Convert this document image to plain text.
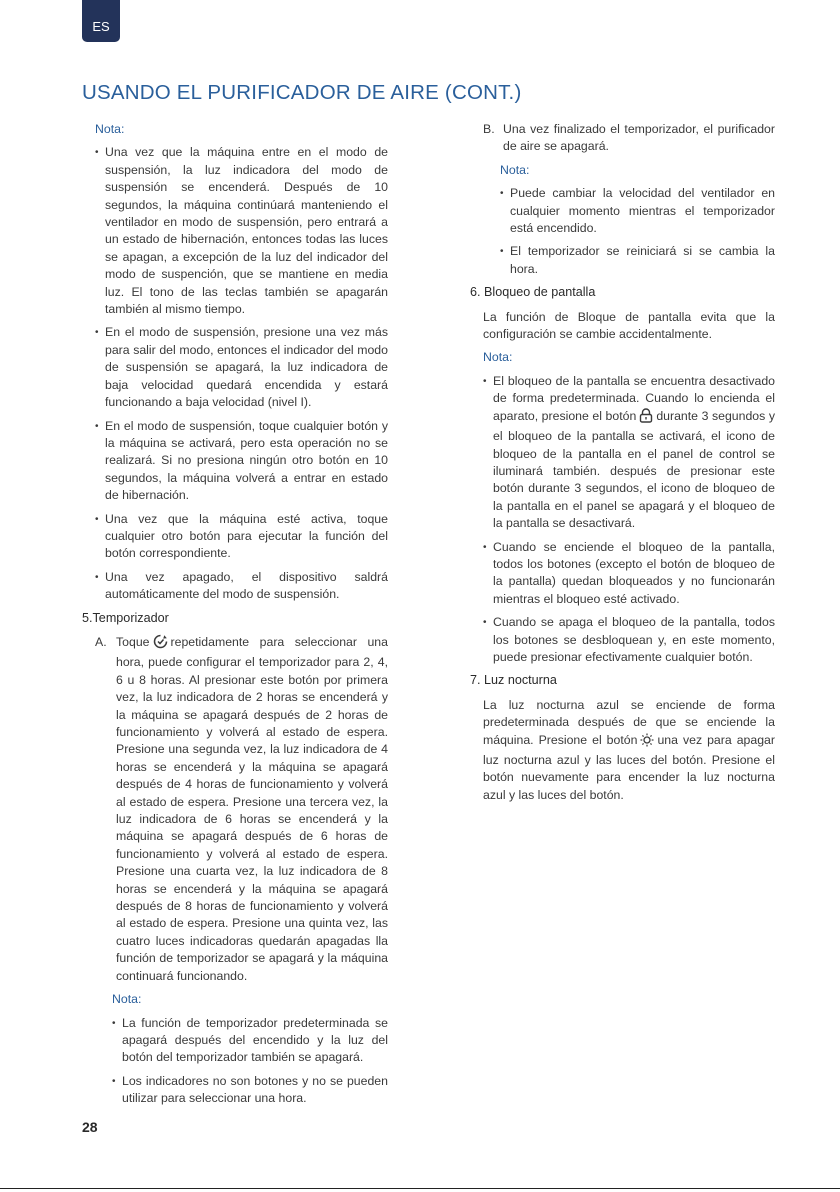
ES
USANDO EL PURIFICADOR DE AIRE (CONT.)

Nota:

• Una vez que la máquina entre en el modo de suspensión, la luz indicadora del modo de suspensión se encenderá. Después de 10 segundos, la máquina continúará manteniendo el ventilador en modo de suspensión, pero entrará a un estado de hibernación, entonces todas las luces se apagan, a excepción de la luz del indicador del modo de suspención, que se mantiene en media luz. El tono de las teclas también se apagarán también al mismo tiempo.

• En el modo de suspensión, presione una vez más para salir del modo, entonces el indicador del modo de suspensión se apagará, la luz indicadora de baja velocidad quedará encendida y estará funcionando a baja velocidad (nivel I).

• En el modo de suspensión, toque cualquier botón y la máquina se activará, pero esta operación no se realizará. Si no presiona ningún otro botón en 10 segundos, la máquina volverá a entrar en estado de hibernación.

• Una vez que la máquina esté activa, toque cualquier otro botón para ejecutar la función del botón correspondiente.

• Una vez apagado, el dispositivo saldrá automáticamente del modo de suspensión.

5.Temporizador
A. Toque repetidamente para seleccionar una hora, puede configurar el temporizador para 2, 4, 6 u 8 horas. Al presionar este botón por primera vez, la luz indicadora de 2 horas se encenderá y la máquina se apagará después de 2 horas de funcionamiento y volverá al estado de espera. Presione una segunda vez, la luz indicadora de 4 horas se encenderá y la máquina se apagará después de 4 horas de funcionamiento y volverá al estado de espera. Presione una tercera vez, la luz indicadora de 6 horas se encenderá y la máquina se apagará después de 6 horas de funcionamiento y volverá al estado de espera. Presione una cuarta vez, la luz indicadora de 8 horas se encenderá y la máquina se apagará después de 8 horas de funcionamiento y volverá al estado de espera. Presione una quinta vez, las cuatro luces indicadoras quedarán apagadas lla función de temporizador se apagará y la máquina continuará funcionando.

Nota:

• La función de temporizador predeterminada se apagará después del encendido y la luz del botón del temporizador también se apagará.

• Los indicadores no son botones y no se pueden utilizar para seleccionar una hora.

B. Una vez finalizado el temporizador, el purificador de aire se apagará.

Nota:

• Puede cambiar la velocidad del ventilador en cualquier momento mientras el temporizador está encendido.

• El temporizador se reiniciará si se cambia la hora.

6. Bloqueo de pantalla

La función de Bloque de pantalla evita que la configuración se cambie accidentalmente.

Nota:

• El bloqueo de la pantalla se encuentra desactivado de forma predeterminada. Cuando lo encienda el aparato, presione el botón durante 3 segundos y el bloqueo de la pantalla se activará, el icono de bloqueo de la pantalla en el panel de control se iluminará también. después de presionar este botón durante 3 segundos, el icono de bloqueo de la pantalla en el panel se apagará y el bloqueo de la pantalla se desactivará.

• Cuando se enciende el bloqueo de la pantalla, todos los botones (excepto el botón de bloqueo de la pantalla) quedan bloqueados y no funcionarán mientras el bloqueo esté activado.

• Cuando se apaga el bloqueo de la pantalla, todos los botones se desbloquean y, en este momento, puede presionar efectivamente cualquier botón.

7. Luz nocturna

La luz nocturna azul se enciende de forma predeterminada después de que se enciende la máquina. Presione el botón una vez para apagar luz nocturna azul y las luces del botón. Presione el botón nuevamente para encender la luz nocturna azul y las luces del botón.

28
